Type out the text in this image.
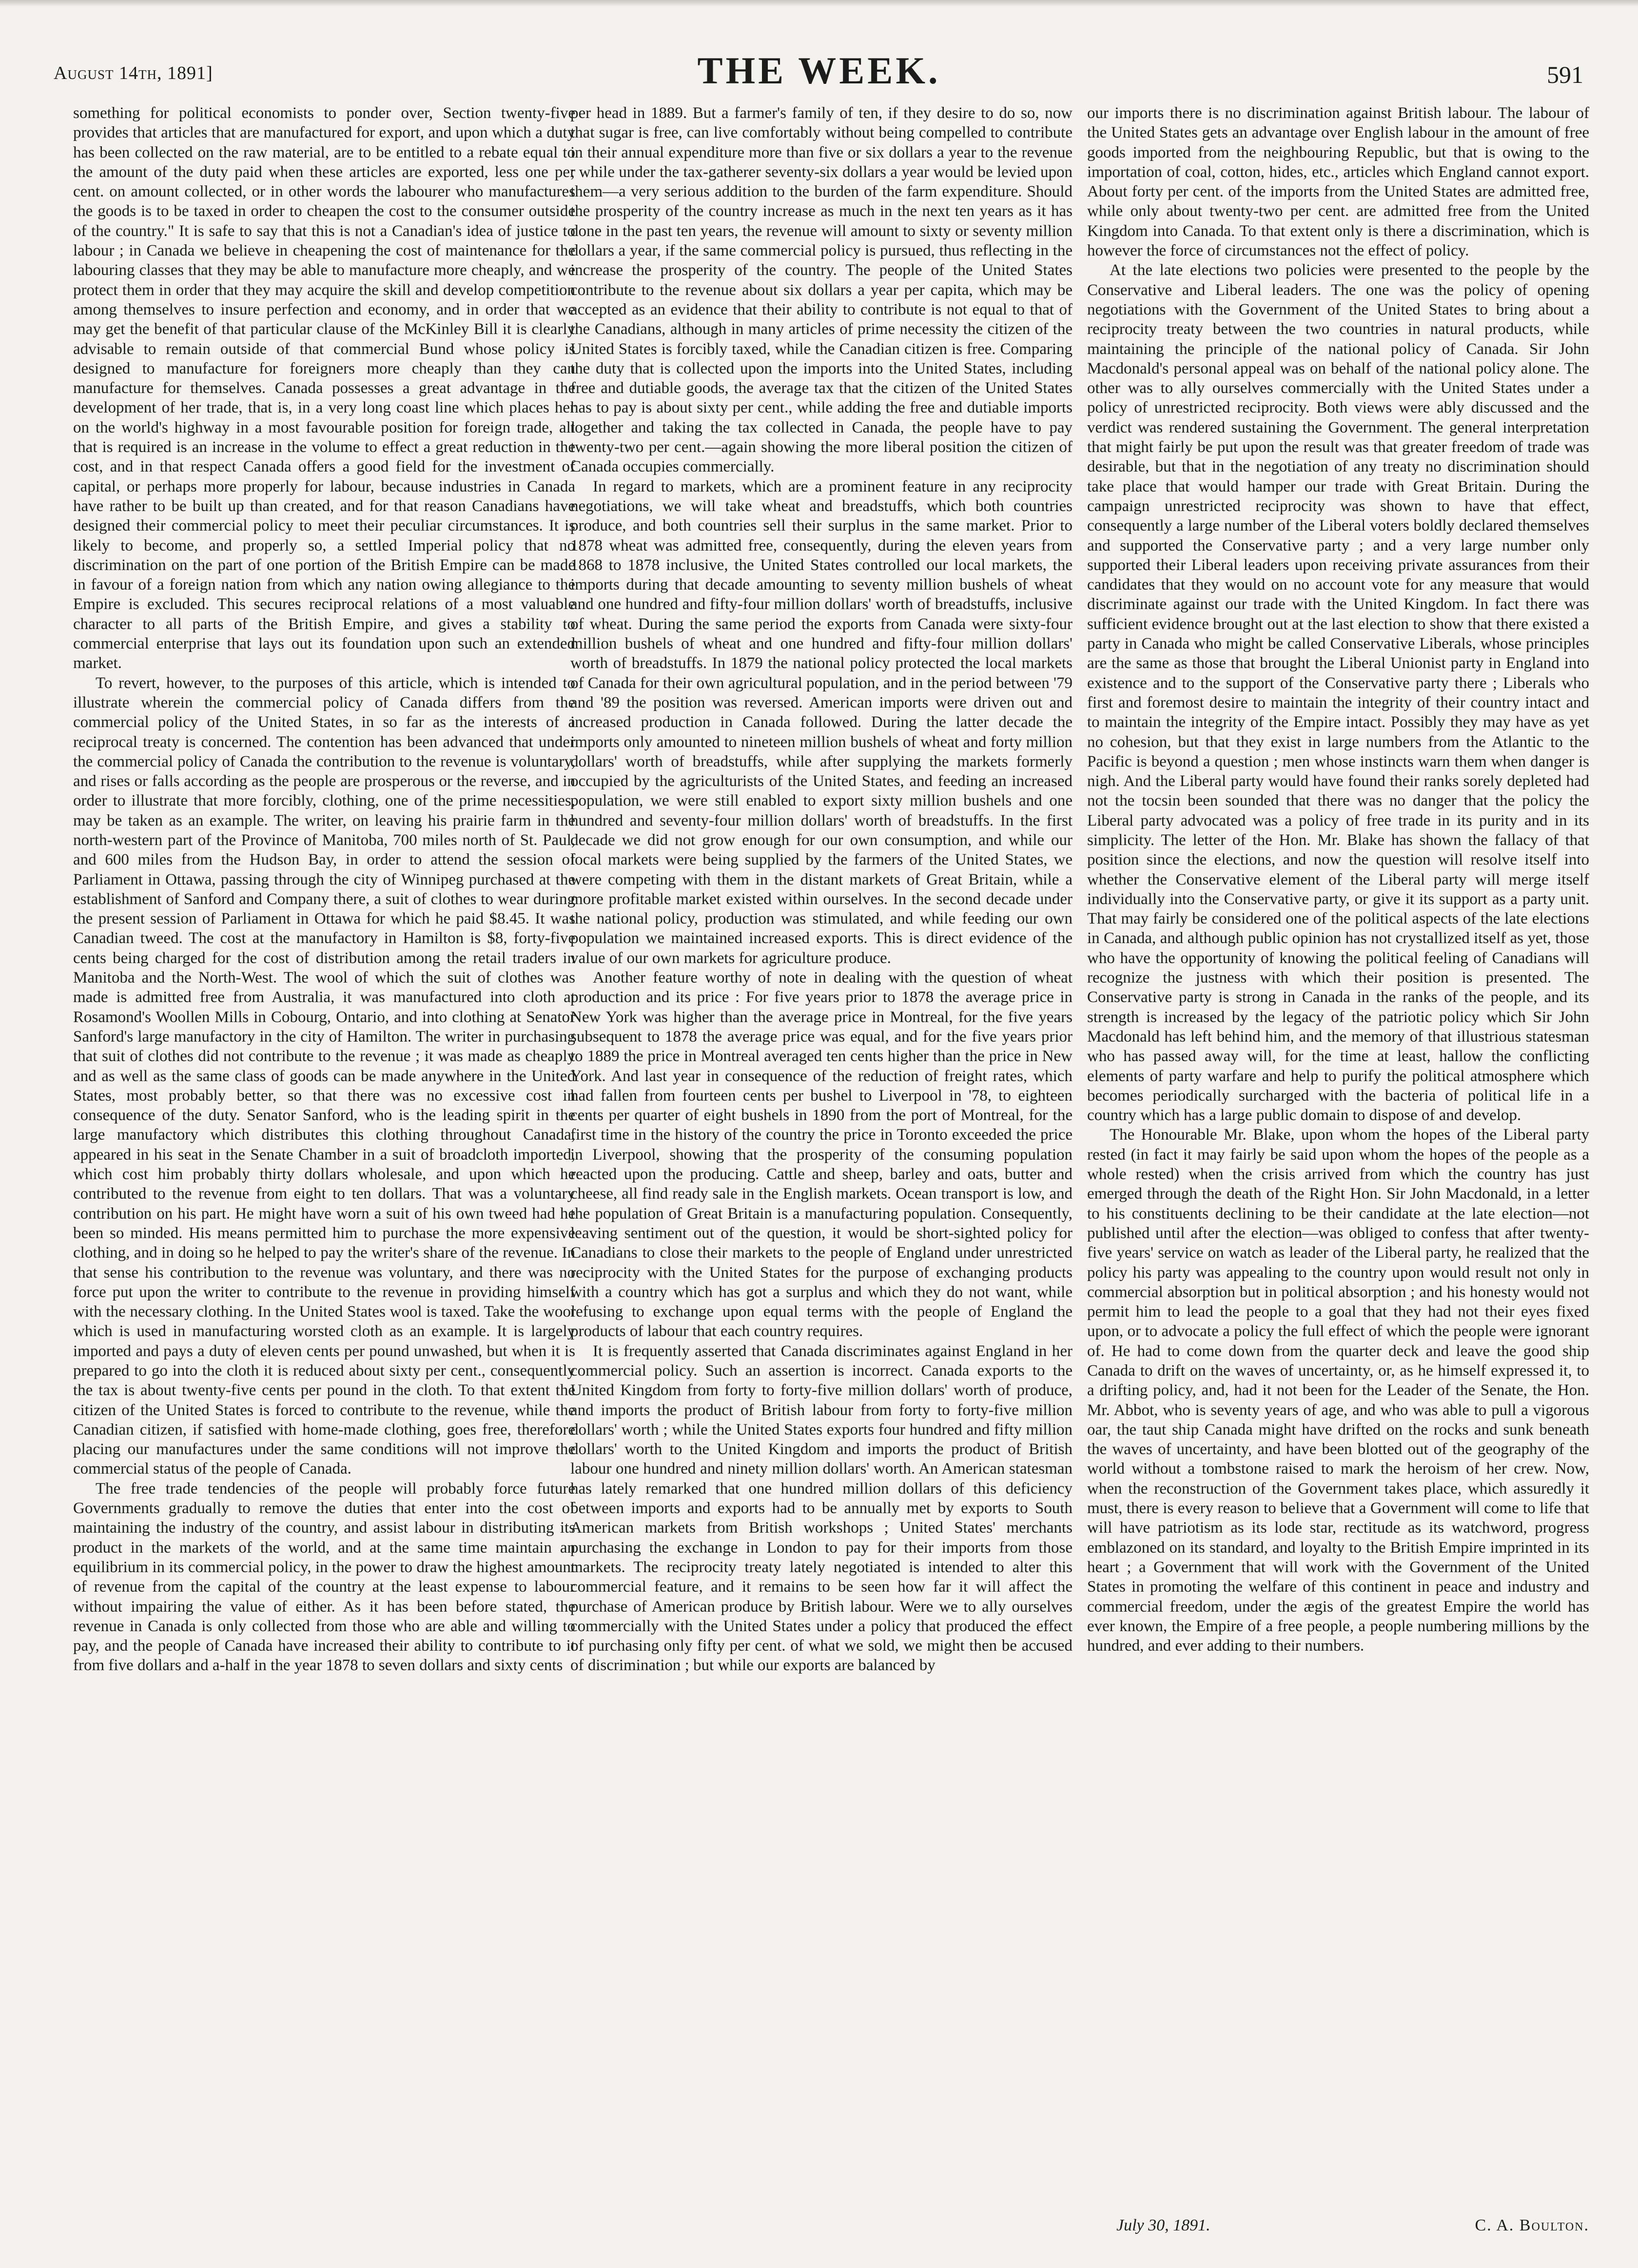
August 14th, 1891]	THE WEEK.	591

something for political economists to ponder over, Section twenty-five provides that articles that are manufactured for export, and upon which a duty has been collected on the raw material, are to be entitled to a rebate equal to the amount of the duty paid when these articles are exported, less one per cent. on amount collected, or in other words the labourer who manufactures the goods is to be taxed in order to cheapen the cost to the consumer outside of the country." It is safe to say that this is not a Canadian's idea of justice to labour ; in Canada we believe in cheapening the cost of maintenance for the labouring classes that they may be able to manufacture more cheaply, and we protect them in order that they may acquire the skill and develop competition among themselves to insure perfection and economy, and in order that we may get the benefit of that particular clause of the McKinley Bill it is clearly advisable to remain outside of that commercial Bund whose policy is designed to manufacture for foreigners more cheaply than they can manufacture for themselves. Canada possesses a great advantage in the development of her trade, that is, in a very long coast line which places her on the world's highway in a most favourable position for foreign trade, all that is required is an increase in the volume to effect a great reduction in the cost, and in that respect Canada offers a good field for the investment of capital, or perhaps more properly for labour, because industries in Canada have rather to be built up than created, and for that reason Canadians have designed their commercial policy to meet their peculiar circumstances. It is likely to become, and properly so, a settled Imperial policy that no discrimination on the part of one portion of the British Empire can be made in favour of a foreign nation from which any nation owing allegiance to the Empire is excluded. This secures reciprocal relations of a most valuable character to all parts of the British Empire, and gives a stability to commercial enterprise that lays out its foundation upon such an extended market.

To revert, however, to the purposes of this article, which is intended to illustrate wherein the commercial policy of Canada differs from the commercial policy of the United States, in so far as the interests of a reciprocal treaty is concerned. The contention has been advanced that under the commercial policy of Canada the contribution to the revenue is voluntary, and rises or falls according as the people are prosperous or the reverse, and in order to illustrate that more forcibly, clothing, one of the prime necessities, may be taken as an example. The writer, on leaving his prairie farm in the north-western part of the Province of Manitoba, 700 miles north of St. Paul, and 600 miles from the Hudson Bay, in order to attend the session of Parliament in Ottawa, passing through the city of Winnipeg purchased at the establishment of Sanford and Company there, a suit of clothes to wear during the present session of Parliament in Ottawa for which he paid $8.45. It was Canadian tweed. The cost at the manufactory in Hamilton is $8, forty-five cents being charged for the cost of distribution among the retail traders in Manitoba and the North-West. The wool of which the suit of clothes was made is admitted free from Australia, it was manufactured into cloth at Rosamond's Woollen Mills in Cobourg, Ontario, and into clothing at Senator Sanford's large manufactory in the city of Hamilton. The writer in purchasing that suit of clothes did not contribute to the revenue ; it was made as cheaply and as well as the same class of goods can be made anywhere in the United States, most probably better, so that there was no excessive cost in consequence of the duty. Senator Sanford, who is the leading spirit in the large manufactory which distributes this clothing throughout Canada, appeared in his seat in the Senate Chamber in a suit of broadcloth imported, which cost him probably thirty dollars wholesale, and upon which he contributed to the revenue from eight to ten dollars. That was a voluntary contribution on his part. He might have worn a suit of his own tweed had he been so minded. His means permitted him to purchase the more expensive clothing, and in doing so he helped to pay the writer's share of the revenue. In that sense his contribution to the revenue was voluntary, and there was no force put upon the writer to contribute to the revenue in providing himself with the necessary clothing. In the United States wool is taxed. Take the wool which is used in manufacturing worsted cloth as an example. It is largely imported and pays a duty of eleven cents per pound unwashed, but when it is prepared to go into the cloth it is reduced about sixty per cent., consequently the tax is about twenty-five cents per pound in the cloth. To that extent the citizen of the United States is forced to contribute to the revenue, while the Canadian citizen, if satisfied with home-made clothing, goes free, therefore placing our manufactures under the same conditions will not improve the commercial status of the people of Canada.

The free trade tendencies of the people will probably force future Governments gradually to remove the duties that enter into the cost of maintaining the industry of the country, and assist labour in distributing its product in the markets of the world, and at the same time maintain an equilibrium in its commercial policy, in the power to draw the highest amount of revenue from the capital of the country at the least expense to labour without impairing the value of either. As it has been before stated, the revenue in Canada is only collected from those who are able and willing to pay, and the people of Canada have increased their ability to contribute to it from five dollars and a-half in the year 1878 to seven dollars and sixty cents

per head in 1889. But a farmer's family of ten, if they desire to do so, now that sugar is free, can live comfortably without being compelled to contribute in their annual expenditure more than five or six dollars a year to the revenue ; while under the tax-gatherer seventy-six dollars a year would be levied upon them—a very serious addition to the burden of the farm expenditure. Should the prosperity of the country increase as much in the next ten years as it has done in the past ten years, the revenue will amount to sixty or seventy million dollars a year, if the same commercial policy is pursued, thus reflecting in the increase the prosperity of the country. The people of the United States contribute to the revenue about six dollars a year per capita, which may be accepted as an evidence that their ability to contribute is not equal to that of the Canadians, although in many articles of prime necessity the citizen of the United States is forcibly taxed, while the Canadian citizen is free. Comparing the duty that is collected upon the imports into the United States, including free and dutiable goods, the average tax that the citizen of the United States has to pay is about sixty per cent., while adding the free and dutiable imports together and taking the tax collected in Canada, the people have to pay twenty-two per cent.—again showing the more liberal position the citizen of Canada occupies commercially.

In regard to markets, which are a prominent feature in any reciprocity negotiations, we will take wheat and breadstuffs, which both countries produce, and both countries sell their surplus in the same market. Prior to 1878 wheat was admitted free, consequently, during the eleven years from 1868 to 1878 inclusive, the United States controlled our local markets, the imports during that decade amounting to seventy million bushels of wheat and one hundred and fifty-four million dollars' worth of breadstuffs, inclusive of wheat. During the same period the exports from Canada were sixty-four million bushels of wheat and one hundred and fifty-four million dollars' worth of breadstuffs. In 1879 the national policy protected the local markets of Canada for their own agricultural population, and in the period between '79 and '89 the position was reversed. American imports were driven out and increased production in Canada followed. During the latter decade the imports only amounted to nineteen million bushels of wheat and forty million dollars' worth of breadstuffs, while after supplying the markets formerly occupied by the agriculturists of the United States, and feeding an increased population, we were still enabled to export sixty million bushels and one hundred and seventy-four million dollars' worth of breadstuffs. In the first decade we did not grow enough for our own consumption, and while our local markets were being supplied by the farmers of the United States, we were competing with them in the distant markets of Great Britain, while a more profitable market existed within ourselves. In the second decade under the national policy, production was stimulated, and while feeding our own population we maintained increased exports. This is direct evidence of the value of our own markets for agriculture produce.

Another feature worthy of note in dealing with the question of wheat production and its price : For five years prior to 1878 the average price in New York was higher than the average price in Montreal, for the five years subsequent to 1878 the average price was equal, and for the five years prior to 1889 the price in Montreal averaged ten cents higher than the price in New York. And last year in consequence of the reduction of freight rates, which had fallen from fourteen cents per bushel to Liverpool in '78, to eighteen cents per quarter of eight bushels in 1890 from the port of Montreal, for the first time in the history of the country the price in Toronto exceeded the price in Liverpool, showing that the prosperity of the consuming population reacted upon the producing. Cattle and sheep, barley and oats, butter and cheese, all find ready sale in the English markets. Ocean transport is low, and the population of Great Britain is a manufacturing population. Consequently, leaving sentiment out of the question, it would be short-sighted policy for Canadians to close their markets to the people of England under unrestricted reciprocity with the United States for the purpose of exchanging products with a country which has got a surplus and which they do not want, while refusing to exchange upon equal terms with the people of England the products of labour that each country requires.

It is frequently asserted that Canada discriminates against England in her commercial policy. Such an assertion is incorrect. Canada exports to the United Kingdom from forty to forty-five million dollars' worth of produce, and imports the product of British labour from forty to forty-five million dollars' worth ; while the United States exports four hundred and fifty million dollars' worth to the United Kingdom and imports the product of British labour one hundred and ninety million dollars' worth. An American statesman has lately remarked that one hundred million dollars of this deficiency between imports and exports had to be annually met by exports to South American markets from British workshops ; United States' merchants purchasing the exchange in London to pay for their imports from those markets. The reciprocity treaty lately negotiated is intended to alter this commercial feature, and it remains to be seen how far it will affect the purchase of American produce by British labour. Were we to ally ourselves commercially with the United States under a policy that produced the effect of purchasing only fifty per cent. of what we sold, we might then be accused of discrimination ; but while our exports are balanced by

our imports there is no discrimination against British labour. The labour of the United States gets an advantage over English labour in the amount of free goods imported from the neighbouring Republic, but that is owing to the importation of coal, cotton, hides, etc., articles which England cannot export. About forty per cent. of the imports from the United States are admitted free, while only about twenty-two per cent. are admitted free from the United Kingdom into Canada. To that extent only is there a discrimination, which is however the force of circumstances not the effect of policy.

At the late elections two policies were presented to the people by the Conservative and Liberal leaders. The one was the policy of opening negotiations with the Government of the United States to bring about a reciprocity treaty between the two countries in natural products, while maintaining the principle of the national policy of Canada. Sir John Macdonald's personal appeal was on behalf of the national policy alone. The other was to ally ourselves commercially with the United States under a policy of unrestricted reciprocity. Both views were ably discussed and the verdict was rendered sustaining the Government. The general interpretation that might fairly be put upon the result was that greater freedom of trade was desirable, but that in the negotiation of any treaty no discrimination should take place that would hamper our trade with Great Britain. During the campaign unrestricted reciprocity was shown to have that effect, consequently a large number of the Liberal voters boldly declared themselves and supported the Conservative party ; and a very large number only supported their Liberal leaders upon receiving private assurances from their candidates that they would on no account vote for any measure that would discriminate against our trade with the United Kingdom. In fact there was sufficient evidence brought out at the last election to show that there existed a party in Canada who might be called Conservative Liberals, whose principles are the same as those that brought the Liberal Unionist party in England into existence and to the support of the Conservative party there ; Liberals who first and foremost desire to maintain the integrity of their country intact and to maintain the integrity of the Empire intact. Possibly they may have as yet no cohesion, but that they exist in large numbers from the Atlantic to the Pacific is beyond a question ; men whose instincts warn them when danger is nigh. And the Liberal party would have found their ranks sorely depleted had not the tocsin been sounded that there was no danger that the policy the Liberal party advocated was a policy of free trade in its purity and in its simplicity. The letter of the Hon. Mr. Blake has shown the fallacy of that position since the elections, and now the question will resolve itself into whether the Conservative element of the Liberal party will merge itself individually into the Conservative party, or give it its support as a party unit. That may fairly be considered one of the political aspects of the late elections in Canada, and although public opinion has not crystallized itself as yet, those who have the opportunity of knowing the political feeling of Canadians will recognize the justness with which their position is presented. The Conservative party is strong in Canada in the ranks of the people, and its strength is increased by the legacy of the patriotic policy which Sir John Macdonald has left behind him, and the memory of that illustrious statesman who has passed away will, for the time at least, hallow the conflicting elements of party warfare and help to purify the political atmosphere which becomes periodically surcharged with the bacteria of political life in a country which has a large public domain to dispose of and develop.

The Honourable Mr. Blake, upon whom the hopes of the Liberal party rested (in fact it may fairly be said upon whom the hopes of the people as a whole rested) when the crisis arrived from which the country has just emerged through the death of the Right Hon. Sir John Macdonald, in a letter to his constituents declining to be their candidate at the late election—not published until after the election—was obliged to confess that after twenty-five years' service on watch as leader of the Liberal party, he realized that the policy his party was appealing to the country upon would result not only in commercial absorption but in political absorption ; and his honesty would not permit him to lead the people to a goal that they had not their eyes fixed upon, or to advocate a policy the full effect of which the people were ignorant of. He had to come down from the quarter deck and leave the good ship Canada to drift on the waves of uncertainty, or, as he himself expressed it, to a drifting policy, and, had it not been for the Leader of the Senate, the Hon. Mr. Abbot, who is seventy years of age, and who was able to pull a vigorous oar, the taut ship Canada might have drifted on the rocks and sunk beneath the waves of uncertainty, and have been blotted out of the geography of the world without a tombstone raised to mark the heroism of her crew. Now, when the reconstruction of the Government takes place, which assuredly it must, there is every reason to believe that a Government will come to life that will have patriotism as its lode star, rectitude as its watchword, progress emblazoned on its standard, and loyalty to the British Empire imprinted in its heart ; a Government that will work with the Government of the United States in promoting the welfare of this continent in peace and industry and commercial freedom, under the ægis of the greatest Empire the world has ever known, the Empire of a free people, a people numbering millions by the hundred, and ever adding to their numbers.

July 30, 1891.	C. A. Boulton.
